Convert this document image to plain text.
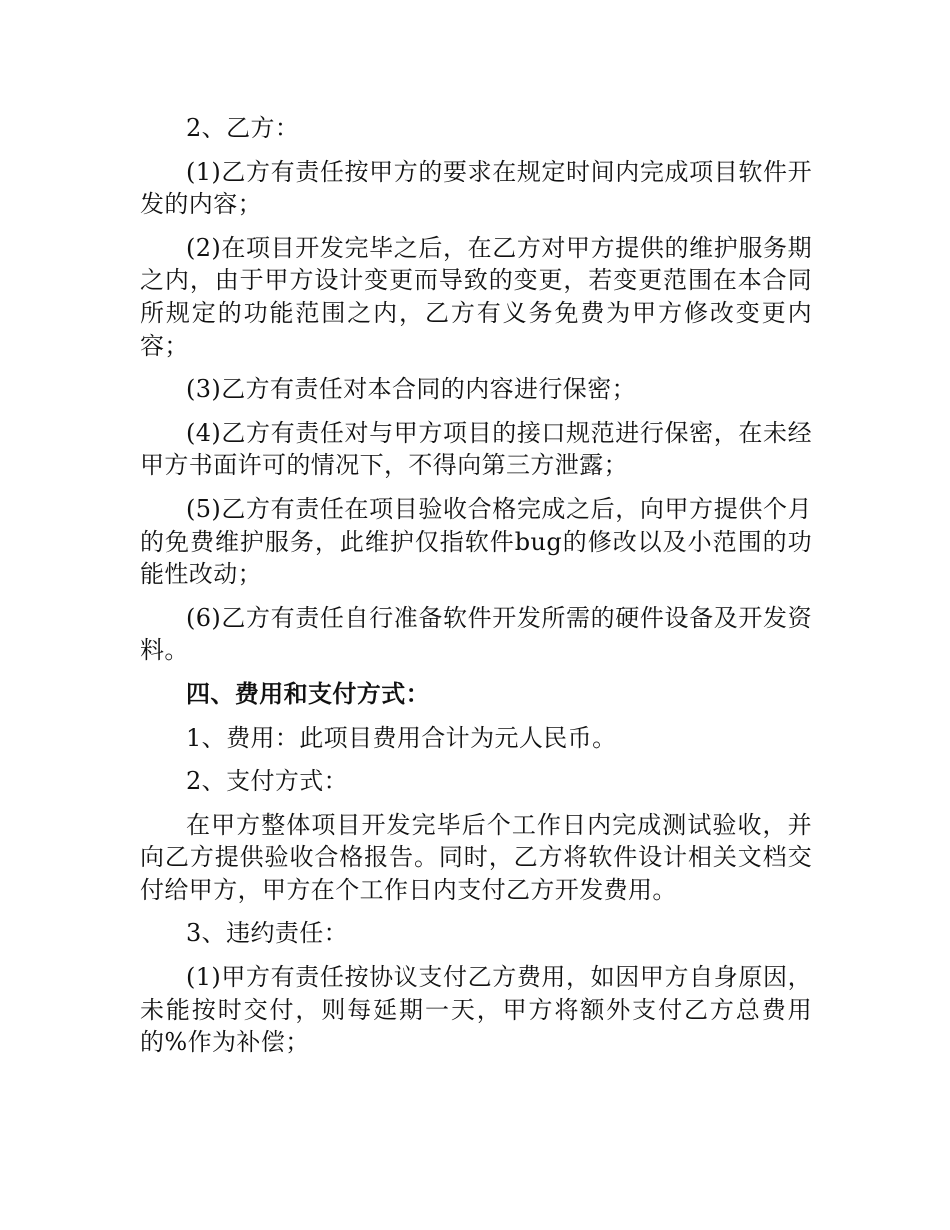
2、乙方：

(1)乙方有责任按甲方的要求在规定时间内完成项目软件开发的内容；

(2)在项目开发完毕之后，在乙方对甲方提供的维护服务期之内，由于甲方设计变更而导致的变更，若变更范围在本合同所规定的功能范围之内，乙方有义务免费为甲方修改变更内容；

(3)乙方有责任对本合同的内容进行保密；

(4)乙方有责任对与甲方项目的接口规范进行保密，在未经甲方书面许可的情况下，不得向第三方泄露；

(5)乙方有责任在项目验收合格完成之后，向甲方提供个月的免费维护服务，此维护仅指软件bug的修改以及小范围的功能性改动；

(6)乙方有责任自行准备软件开发所需的硬件设备及开发资料。

四、费用和支付方式：

1、费用：此项目费用合计为元人民币。

2、支付方式：

在甲方整体项目开发完毕后个工作日内完成测试验收，并向乙方提供验收合格报告。同时，乙方将软件设计相关文档交付给甲方，甲方在个工作日内支付乙方开发费用。

3、违约责任：

(1)甲方有责任按协议支付乙方费用，如因甲方自身原因，未能按时交付，则每延期一天，甲方将额外支付乙方总费用的%作为补偿；
